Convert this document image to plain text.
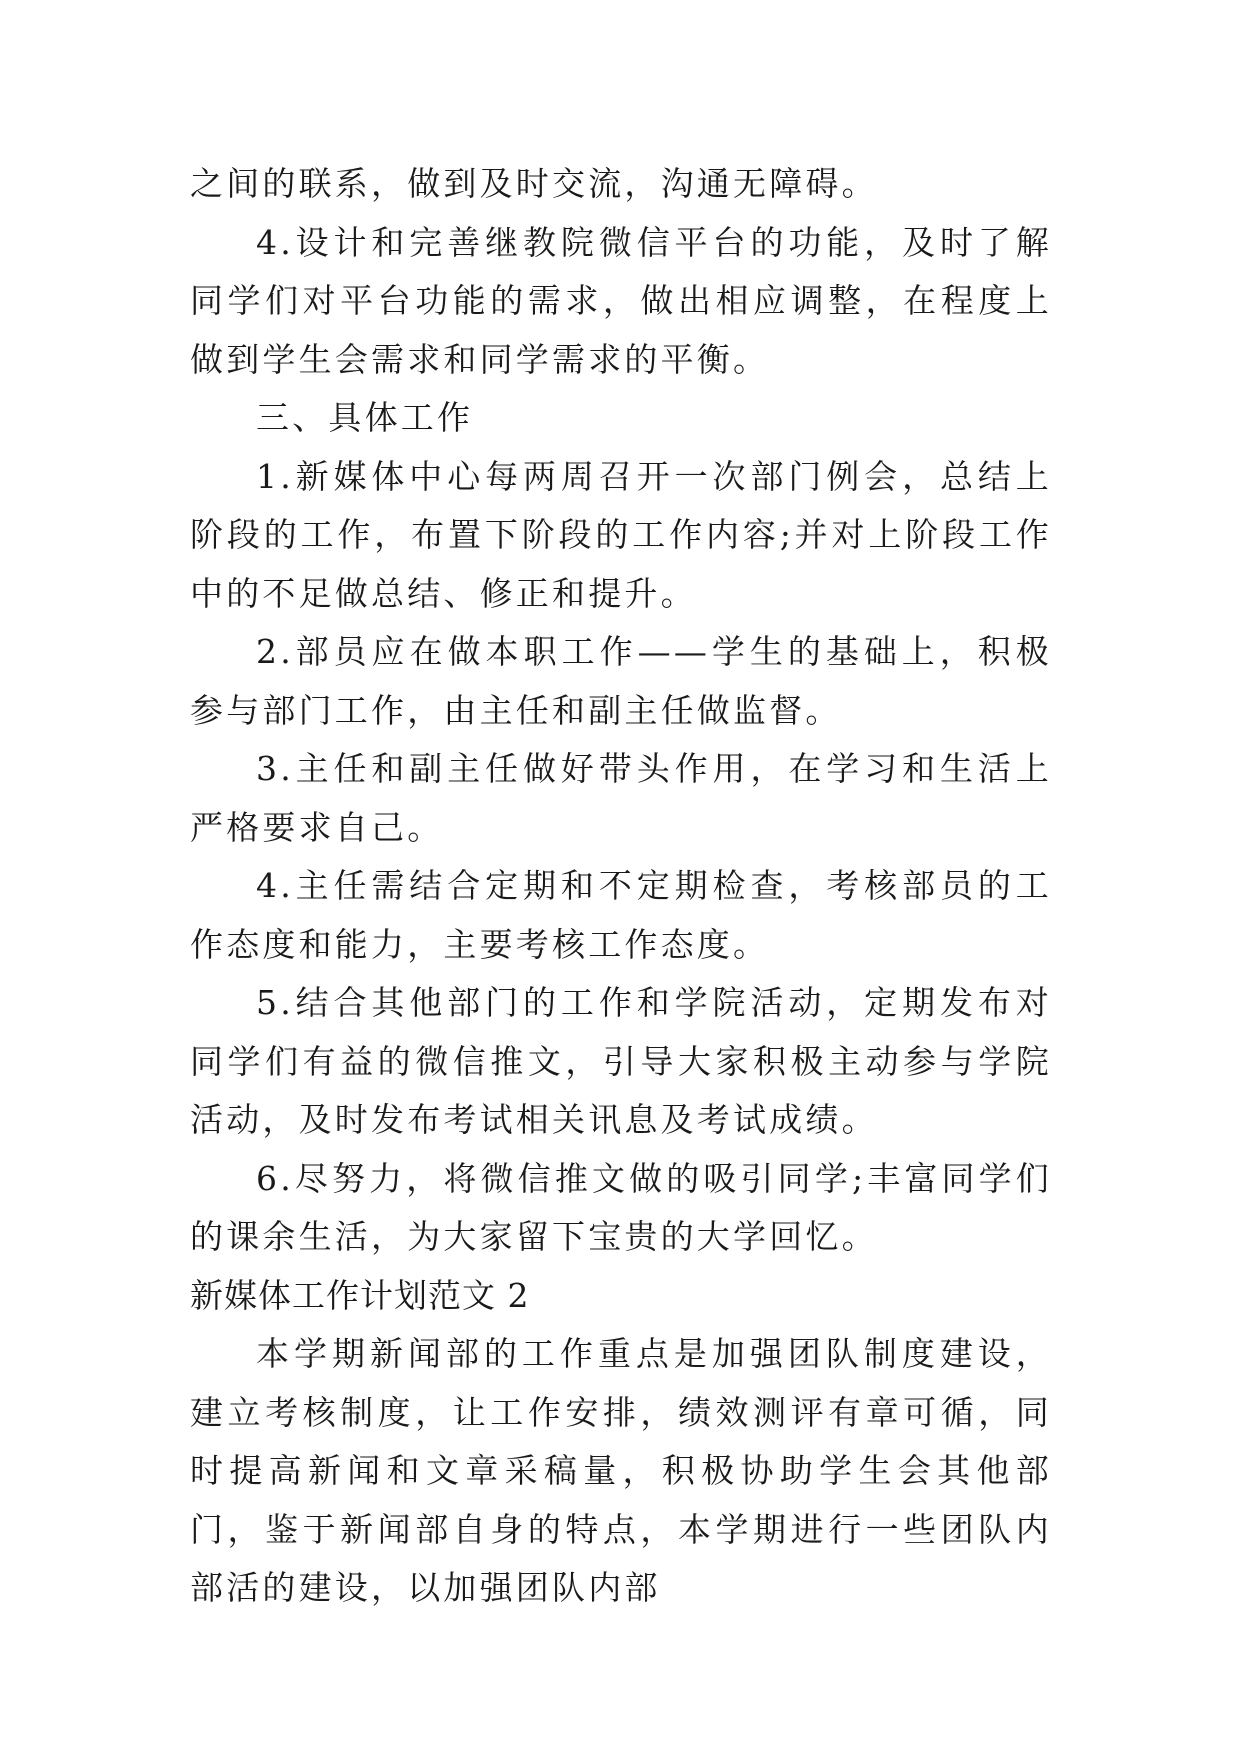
之间的联系，做到及时交流，沟通无障碍。

4.设计和完善继教院微信平台的功能，及时了解同学们对平台功能的需求，做出相应调整，在程度上做到学生会需求和同学需求的平衡。

三、具体工作

1.新媒体中心每两周召开一次部门例会，总结上阶段的工作，布置下阶段的工作内容;并对上阶段工作中的不足做总结、修正和提升。

2.部员应在做本职工作——学生的基础上，积极参与部门工作，由主任和副主任做监督。

3.主任和副主任做好带头作用，在学习和生活上严格要求自己。

4.主任需结合定期和不定期检查，考核部员的工作态度和能力，主要考核工作态度。

5.结合其他部门的工作和学院活动，定期发布对同学们有益的微信推文，引导大家积极主动参与学院活动，及时发布考试相关讯息及考试成绩。

6.尽努力，将微信推文做的吸引同学;丰富同学们的课余生活，为大家留下宝贵的大学回忆。

新媒体工作计划范文 2

本学期新闻部的工作重点是加强团队制度建设，建立考核制度，让工作安排，绩效测评有章可循，同时提高新闻和文章采稿量，积极协助学生会其他部门，鉴于新闻部自身的特点，本学期进行一些团队内部活的建设，以加强团队内部
